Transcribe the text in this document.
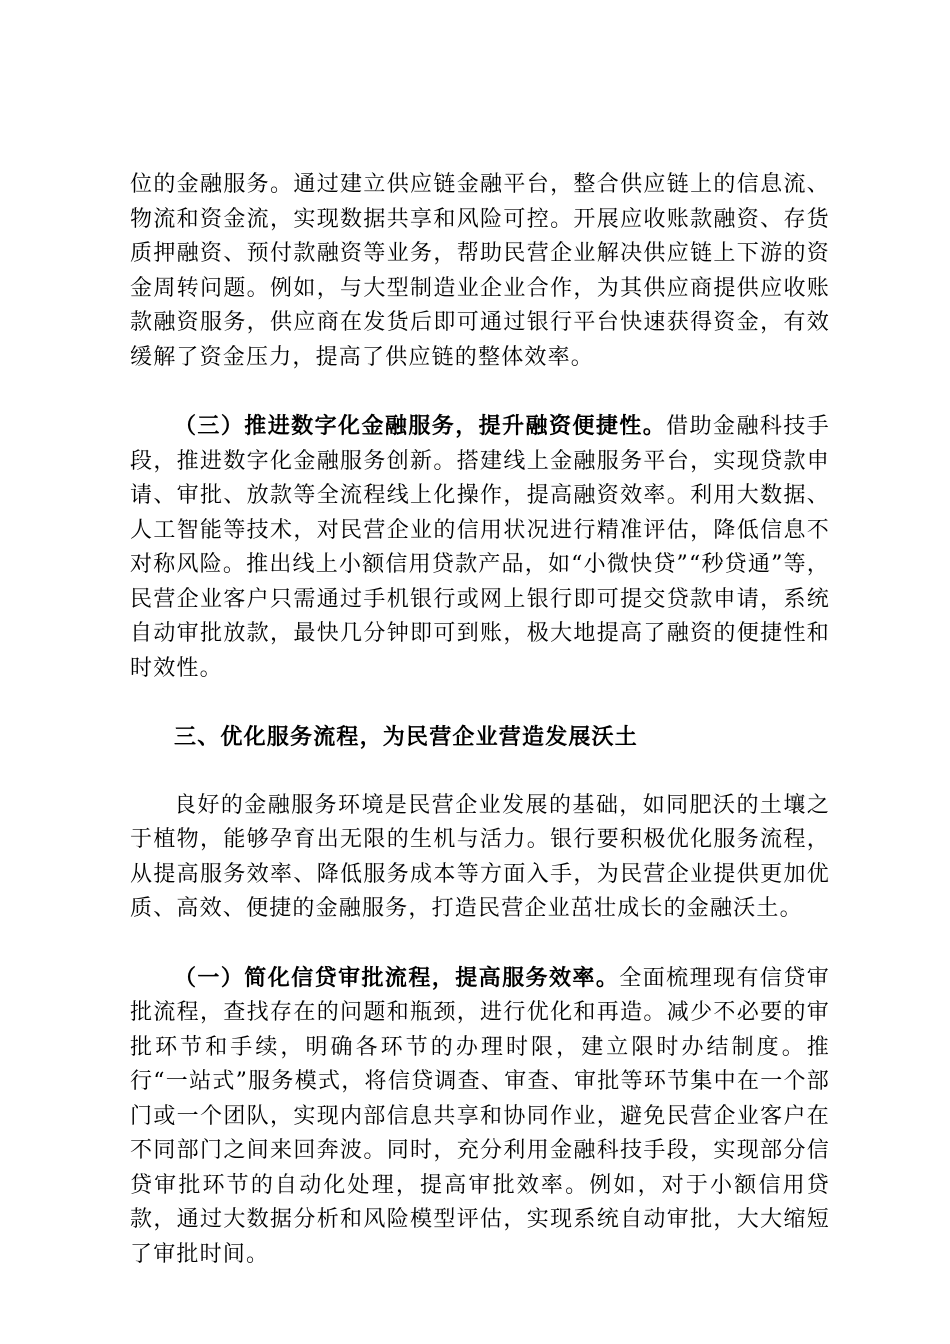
位的金融服务。通过建立供应链金融平台，整合供应链上的信息流、物流和资金流，实现数据共享和风险可控。开展应收账款融资、存货质押融资、预付款融资等业务，帮助民营企业解决供应链上下游的资金周转问题。例如，与大型制造业企业合作，为其供应商提供应收账款融资服务，供应商在发货后即可通过银行平台快速获得资金，有效缓解了资金压力，提高了供应链的整体效率。

（三）推进数字化金融服务，提升融资便捷性。借助金融科技手段，推进数字化金融服务创新。搭建线上金融服务平台，实现贷款申请、审批、放款等全流程线上化操作，提高融资效率。利用大数据、人工智能等技术，对民营企业的信用状况进行精准评估，降低信息不对称风险。推出线上小额信用贷款产品，如“小微快贷”“秒贷通”等，民营企业客户只需通过手机银行或网上银行即可提交贷款申请，系统自动审批放款，最快几分钟即可到账，极大地提高了融资的便捷性和时效性。

三、优化服务流程，为民营企业营造发展沃土

良好的金融服务环境是民营企业发展的基础，如同肥沃的土壤之于植物，能够孕育出无限的生机与活力。银行要积极优化服务流程，从提高服务效率、降低服务成本等方面入手，为民营企业提供更加优质、高效、便捷的金融服务，打造民营企业茁壮成长的金融沃土。

（一）简化信贷审批流程，提高服务效率。全面梳理现有信贷审批流程，查找存在的问题和瓶颈，进行优化和再造。减少不必要的审批环节和手续，明确各环节的办理时限，建立限时办结制度。推行“一站式”服务模式，将信贷调查、审查、审批等环节集中在一个部门或一个团队，实现内部信息共享和协同作业，避免民营企业客户在不同部门之间来回奔波。同时，充分利用金融科技手段，实现部分信贷审批环节的自动化处理，提高审批效率。例如，对于小额信用贷款，通过大数据分析和风险模型评估，实现系统自动审批，大大缩短了审批时间。
